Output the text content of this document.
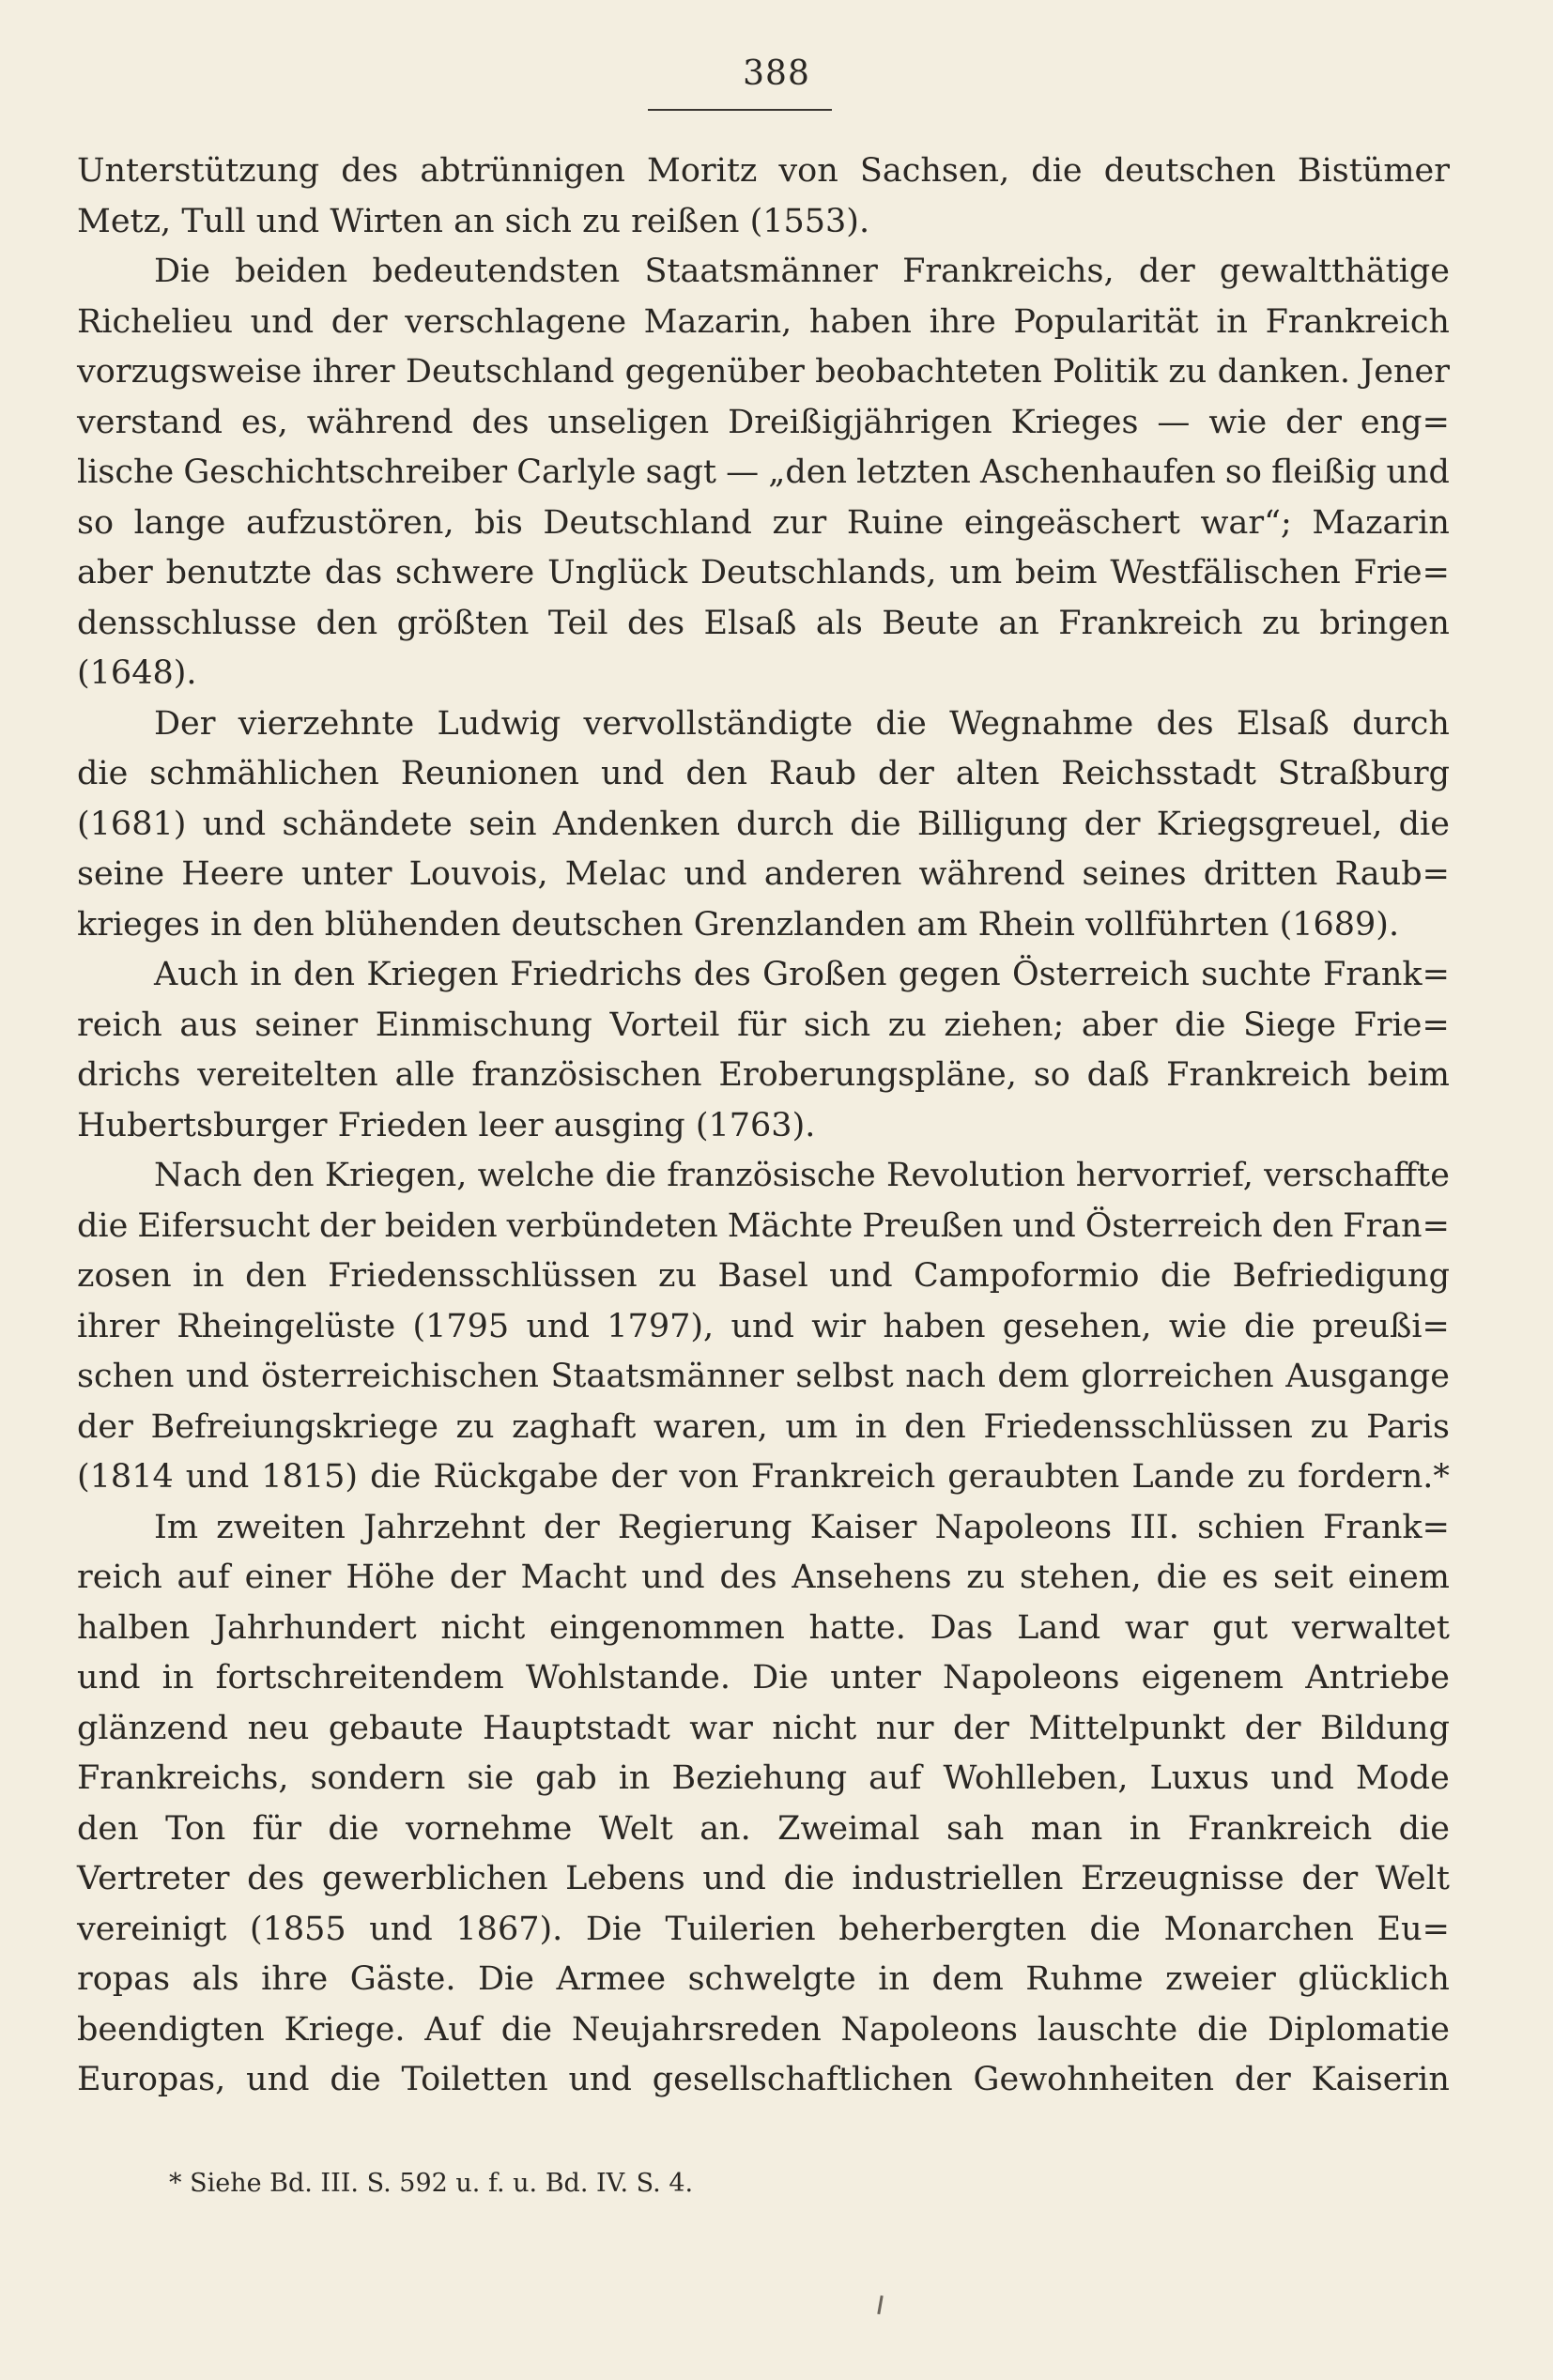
388
Unterstützung des abtrünnigen Moritz von Sachsen, die deutschen Bistümer
Metz, Tull und Wirten an sich zu reißen (1553).
Die beiden bedeutendsten Staatsmänner Frankreichs, der gewaltthätige
Richelieu und der verschlagene Mazarin, haben ihre Popularität in Frankreich
vorzugsweise ihrer Deutschland gegenüber beobachteten Politik zu danken. Jener
verstand es, während des unseligen Dreißigjährigen Krieges — wie der eng=
lische Geschichtschreiber Carlyle sagt — „den letzten Aschenhaufen so fleißig und
so lange aufzustören, bis Deutschland zur Ruine eingeäschert war“; Mazarin
aber benutzte das schwere Unglück Deutschlands, um beim Westfälischen Frie=
densschlusse den größten Teil des Elsaß als Beute an Frankreich zu bringen
(1648).
Der vierzehnte Ludwig vervollständigte die Wegnahme des Elsaß durch
die schmählichen Reunionen und den Raub der alten Reichsstadt Straßburg
(1681) und schändete sein Andenken durch die Billigung der Kriegsgreuel, die
seine Heere unter Louvois, Melac und anderen während seines dritten Raub=
krieges in den blühenden deutschen Grenzlanden am Rhein vollführten (1689).
Auch in den Kriegen Friedrichs des Großen gegen Österreich suchte Frank=
reich aus seiner Einmischung Vorteil für sich zu ziehen; aber die Siege Frie=
drichs vereitelten alle französischen Eroberungspläne, so daß Frankreich beim
Hubertsburger Frieden leer ausging (1763).
Nach den Kriegen, welche die französische Revolution hervorrief, verschaffte
die Eifersucht der beiden verbündeten Mächte Preußen und Österreich den Fran=
zosen in den Friedensschlüssen zu Basel und Campoformio die Befriedigung
ihrer Rheingelüste (1795 und 1797), und wir haben gesehen, wie die preußi=
schen und österreichischen Staatsmänner selbst nach dem glorreichen Ausgange
der Befreiungskriege zu zaghaft waren, um in den Friedensschlüssen zu Paris
(1814 und 1815) die Rückgabe der von Frankreich geraubten Lande zu fordern.*
Im zweiten Jahrzehnt der Regierung Kaiser Napoleons III. schien Frank=
reich auf einer Höhe der Macht und des Ansehens zu stehen, die es seit einem
halben Jahrhundert nicht eingenommen hatte. Das Land war gut verwaltet
und in fortschreitendem Wohlstande. Die unter Napoleons eigenem Antriebe
glänzend neu gebaute Hauptstadt war nicht nur der Mittelpunkt der Bildung
Frankreichs, sondern sie gab in Beziehung auf Wohlleben, Luxus und Mode
den Ton für die vornehme Welt an. Zweimal sah man in Frankreich die
Vertreter des gewerblichen Lebens und die industriellen Erzeugnisse der Welt
vereinigt (1855 und 1867). Die Tuilerien beherbergten die Monarchen Eu=
ropas als ihre Gäste. Die Armee schwelgte in dem Ruhme zweier glücklich
beendigten Kriege. Auf die Neujahrsreden Napoleons lauschte die Diplomatie
Europas, und die Toiletten und gesellschaftlichen Gewohnheiten der Kaiserin
* Siehe Bd. III. S. 592 u. f. u. Bd. IV. S. 4.
